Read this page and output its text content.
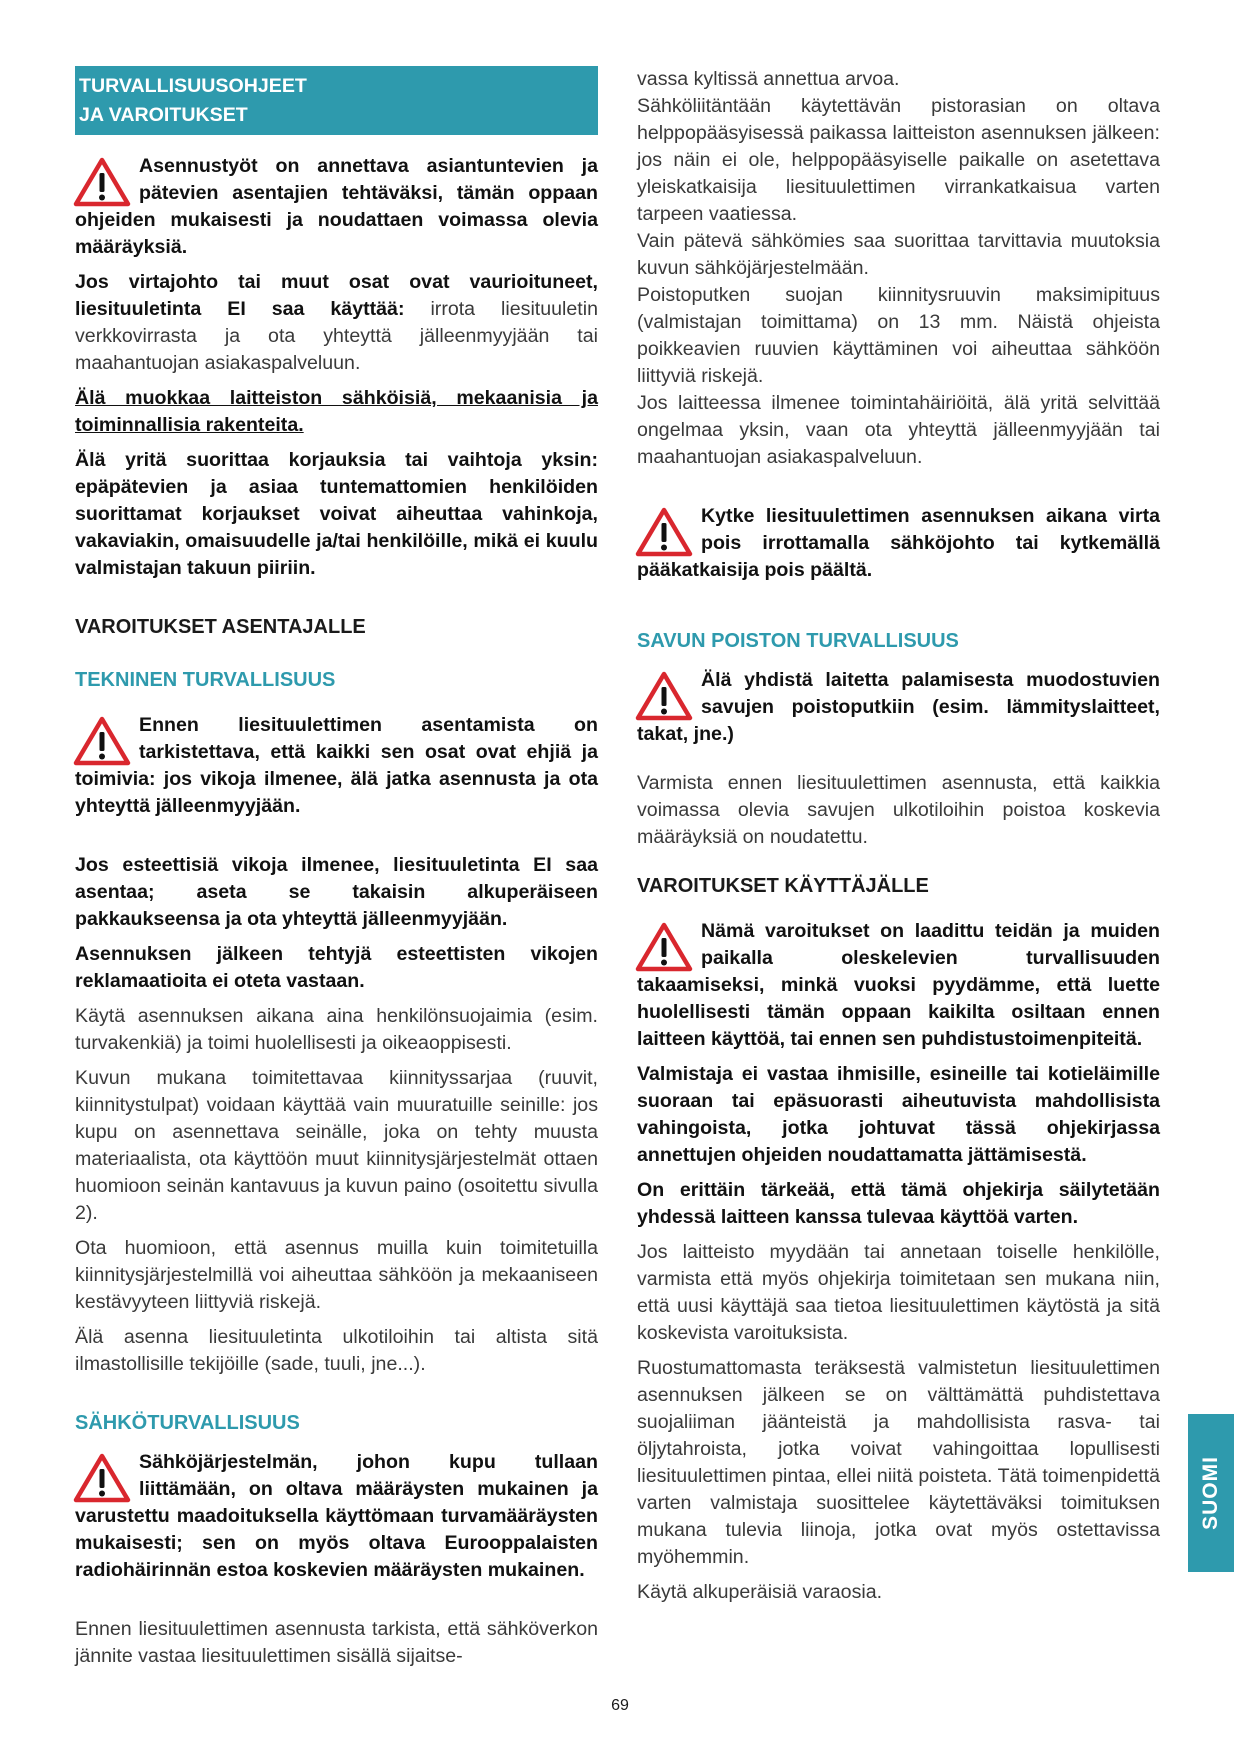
TURVALLISUUSOHJEET
JA VAROITUKSET

Asennustyöt on annettava asiantuntevien ja pätevien asentajien tehtäväksi, tämän oppaan ohjeiden mukaisesti ja noudattaen voimassa olevia määräyksiä.

Jos virtajohto tai muut osat ovat vaurioituneet, liesituuletinta EI saa käyttää: irrota liesituuletin verkkovirrasta ja ota yhteyttä jälleenmyyjään tai maahantuojan asiakaspalveluun.

Älä muokkaa laitteiston sähköisiä, mekaanisia ja toiminnallisia rakenteita.

Älä yritä suorittaa korjauksia tai vaihtoja yksin: epäpätevien ja asiaa tuntemattomien henkilöiden suorittamat korjaukset voivat aiheuttaa vahinkoja, vakaviakin, omaisuudelle ja/tai henkilöille, mikä ei kuulu valmistajan takuun piiriin.

VAROITUKSET ASENTAJALLE
TEKNINEN TURVALLISUUS

Ennen liesituulettimen asentamista on tarkistettava, että kaikki sen osat ovat ehjiä ja toimivia: jos vikoja ilmenee, älä jatka asennusta ja ota yhteyttä jälleenmyyjään.

Jos esteettisiä vikoja ilmenee, liesituuletinta EI saa asentaa; aseta se takaisin alkuperäiseen pakkaukseensa ja ota yhteyttä jälleenmyyjään.

Asennuksen jälkeen tehtyjä esteettisten vikojen reklamaatioita ei oteta vastaan.

Käytä asennuksen aikana aina henkilönsuojaimia (esim. turvakenkiä) ja toimi huolellisesti ja oikeaoppisesti.

Kuvun mukana toimitettavaa kiinnityssarjaa (ruuvit, kiinnitystulpat) voidaan käyttää vain muuratuille seinille: jos kupu on asennettava seinälle, joka on tehty muusta materiaalista, ota käyttöön muut kiinnitysjärjestelmät ottaen huomioon seinän kantavuus ja kuvun paino (osoitettu sivulla 2).

Ota huomioon, että asennus muilla kuin toimitetuilla kiinnitysjärjestelmillä voi aiheuttaa sähköön ja mekaaniseen kestävyyteen liittyviä riskejä.

Älä asenna liesituuletinta ulkotiloihin tai altista sitä ilmastollisille tekijöille (sade, tuuli, jne...).

SÄHKÖTURVALLISUUS

Sähköjärjestelmän, johon kupu tullaan liittämään, on oltava määräysten mukainen ja varustettu maadoituksella käyttömaan turvamääräysten mukaisesti; sen on myös oltava Eurooppalaisten radiohäirinnän estoa koskevien määräysten mukainen.

Ennen liesituulettimen asennusta tarkista, että sähköverkon jännite vastaa liesituulettimen sisällä sijaitse-

vassa kyltissä annettua arvoa.

Sähköliitäntään käytettävän pistorasian on oltava helppopääsyisessä paikassa laitteiston asennuksen jälkeen: jos näin ei ole, helppopääsyiselle paikalle on asetettava yleiskatkaisija liesituulettimen virrankatkaisua varten tarpeen vaatiessa.

Vain pätevä sähkömies saa suorittaa tarvittavia muutoksia kuvun sähköjärjestelmään.

Poistoputken suojan kiinnitysruuvin maksimipituus (valmistajan toimittama) on 13 mm. Näistä ohjeista poikkeavien ruuvien käyttäminen voi aiheuttaa sähköön liittyviä riskejä.

Jos laitteessa ilmenee toimintahäiriöitä, älä yritä selvittää ongelmaa yksin, vaan ota yhteyttä jälleenmyyjään tai maahantuojan asiakaspalveluun.

Kytke liesituulettimen asennuksen aikana virta pois irrottamalla sähköjohto tai kytkemällä pääkatkaisija pois päältä.

SAVUN POISTON TURVALLISUUS

Älä yhdistä laitetta palamisesta muodostuvien savujen poistoputkiin (esim. lämmityslaitteet, takat, jne.)

Varmista ennen liesituulettimen asennusta, että kaikkia voimassa olevia savujen ulkotiloihin poistoa koskevia määräyksiä on noudatettu.

VAROITUKSET KÄYTTÄJÄLLE

Nämä varoitukset on laadittu teidän ja muiden paikalla oleskelevien turvallisuuden takaamiseksi, minkä vuoksi pyydämme, että luette huolellisesti tämän oppaan kaikilta osiltaan ennen laitteen käyttöä, tai ennen sen puhdistustoimenpiteitä.

Valmistaja ei vastaa ihmisille, esineille tai kotieläimille suoraan tai epäsuorasti aiheutuvista mahdollisista vahingoista, jotka johtuvat tässä ohjekirjassa annettujen ohjeiden noudattamatta jättämisestä.

On erittäin tärkeää, että tämä ohjekirja säilytetään yhdessä laitteen kanssa tulevaa käyttöä varten.

Jos laitteisto myydään tai annetaan toiselle henkilölle, varmista että myös ohjekirja toimitetaan sen mukana niin, että uusi käyttäjä saa tietoa liesituulettimen käytöstä ja sitä koskevista varoituksista.

Ruostumattomasta teräksestä valmistetun liesituulettimen asennuksen jälkeen se on välttämättä puhdistettava suojaliiman jäänteistä ja mahdollisista rasva- tai öljytahroista, jotka voivat vahingoittaa lopullisesti liesituulettimen pintaa, ellei niitä poisteta. Tätä toimenpidettä varten valmistaja suosittelee käytettäväksi toimituksen mukana tulevia liinoja, jotka ovat myös ostettavissa myöhemmin.

Käytä alkuperäisiä varaosia.

SUOMI
69
